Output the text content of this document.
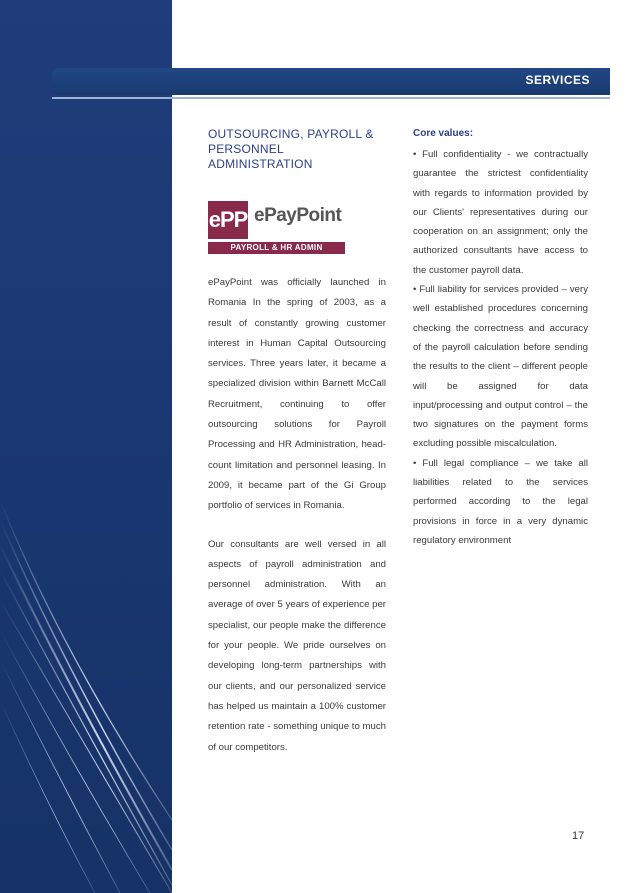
SERVICES
OUTSOURCING, PAYROLL & PERSONNEL ADMINISTRATION
ePP ePayPoint
PAYROLL & HR ADMIN

ePayPoint was officially launched in Romania In the spring of 2003, as a result of constantly growing customer interest in Human Capital Outsourcing services. Three years later, it became a specialized division within Barnett McCall Recruitment, continuing to offer outsourcing solutions for Payroll Processing and HR Administration, head-count limitation and personnel leasing. In 2009, it became part of the Gi Group portfolio of services in Romania.

Our consultants are well versed in all aspects of payroll administration and personnel administration. With an average of over 5 years of experience per specialist, our people make the difference for your people. We pride ourselves on developing long-term partnerships with our clients, and our personalized service has helped us maintain a 100% customer retention rate - something unique to much of our competitors.

Core values:

• Full confidentiality - we contractually guarantee the strictest confidentiality with regards to information provided by our Clients' representatives during our cooperation on an assignment; only the authorized consultants have access to the customer payroll data.

• Full liability for services provided – very well established procedures concerning checking the correctness and accuracy of the payroll calculation before sending the results to the client – different people will be assigned for data input/processing and output control – the two signatures on the payment forms excluding possible miscalculation.

• Full legal compliance – we take all liabilities related to the services performed according to the legal provisions in force in a very dynamic regulatory environment

17
